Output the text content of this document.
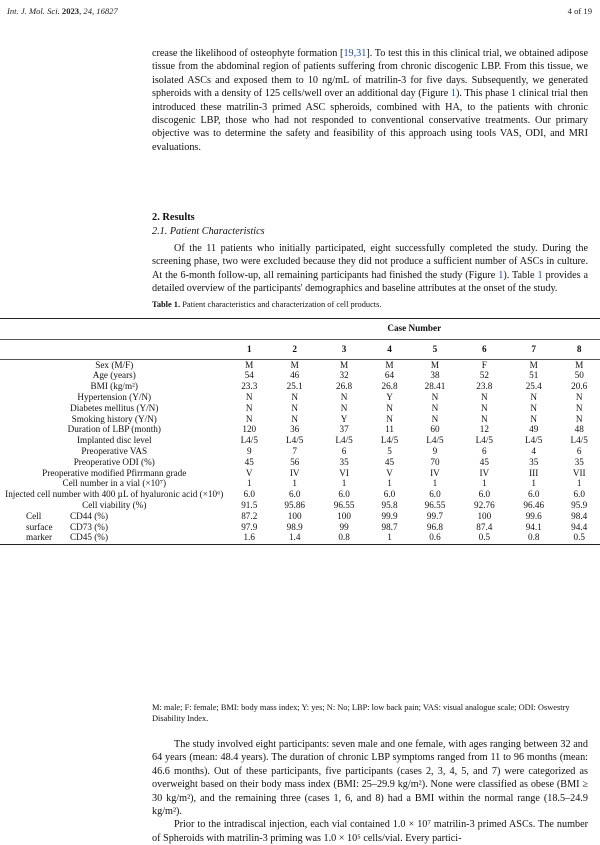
Int. J. Mol. Sci. 2023, 24, 16827	4 of 19

crease the likelihood of osteophyte formation [19,31]. To test this in this clinical trial, we obtained adipose tissue from the abdominal region of patients suffering from chronic discogenic LBP. From this tissue, we isolated ASCs and exposed them to 10 ng/mL of matrilin-3 for five days. Subsequently, we generated spheroids with a density of 125 cells/well over an additional day (Figure 1). This phase 1 clinical trial then introduced these matrilin-3 primed ASC spheroids, combined with HA, to the patients with chronic discogenic LBP, those who had not responded to conventional conservative treatments. Our primary objective was to determine the safety and feasibility of this approach using tools VAS, ODI, and MRI evaluations.

2. Results
2.1. Patient Characteristics

Of the 11 patients who initially participated, eight successfully completed the study. During the screening phase, two were excluded because they did not produce a sufficient number of ASCs in culture. At the 6-month follow-up, all remaining participants had finished the study (Figure 1). Table 1 provides a detailed overview of the participants' demographics and baseline attributes at the onset of the study.

Table 1. Patient characteristics and characterization of cell products.

		Case Number							
		1	2	3	4	5	6	7	8
Sex (M/F)		M	M	M	M	M	F	M	M
Age (years)		54	46	32	64	38	52	51	50
BMI (kg/m²)		23.3	25.1	26.8	26.8	28.41	23.8	25.4	20.6
Hypertension (Y/N)		N	N	N	Y	N	N	N	N
Diabetes mellitus (Y/N)		N	N	N	N	N	N	N	N
Smoking history (Y/N)		N	N	Y	N	N	N	N	N
Duration of LBP (month)		120	36	37	11	60	12	49	48
Implanted disc level		L4/5	L4/5	L4/5	L4/5	L4/5	L4/5	L4/5	L4/5
Preoperative VAS		9	7	6	5	9	6	4	6
Preoperative ODI (%)		45	56	35	45	70	45	35	35
Preoperative modified Pfirrmann grade		V	IV	VI	V	IV	IV	III	VII
Cell number in a vial (×10⁷)		1	1	1	1	1	1	1	1
Injected cell number with 400 µL of hyaluronic acid (×10⁶)		6.0	6.0	6.0	6.0	6.0	6.0	6.0	6.0
Cell viability (%)		91.5	95.86	96.55	95.8	96.55	92.76	96.46	95.9
Cell	CD44 (%)	87.2	100	100	99.9	99.7	100	99.6	98.4
surface	CD73 (%)	97.9	98.9	99	98.7	96.8	87.4	94.1	94.4
marker	CD45 (%)	1.6	1.4	0.8	1	0.6	0.5	0.8	0.5
M: male; F: female; BMI: body mass index; Y: yes; N: No; LBP: low back pain; VAS: visual analogue scale; ODI: Oswestry Disability Index.

The study involved eight participants: seven male and one female, with ages ranging between 32 and 64 years (mean: 48.4 years). The duration of chronic LBP symptoms ranged from 11 to 96 months (mean: 46.6 months). Out of these participants, five participants (cases 2, 3, 4, 5, and 7) were categorized as overweight based on their body mass index (BMI: 25–29.9 kg/m²). None were classified as obese (BMI ≥ 30 kg/m²), and the remaining three (cases 1, 6, and 8) had a BMI within the normal range (18.5–24.9 kg/m²).

Prior to the intradiscal injection, each vial contained 1.0 × 10⁷ matrilin-3 primed ASCs. The number of Spheroids with matrilin-3 priming was 1.0 × 10⁵ cells/vial. Every partici-
